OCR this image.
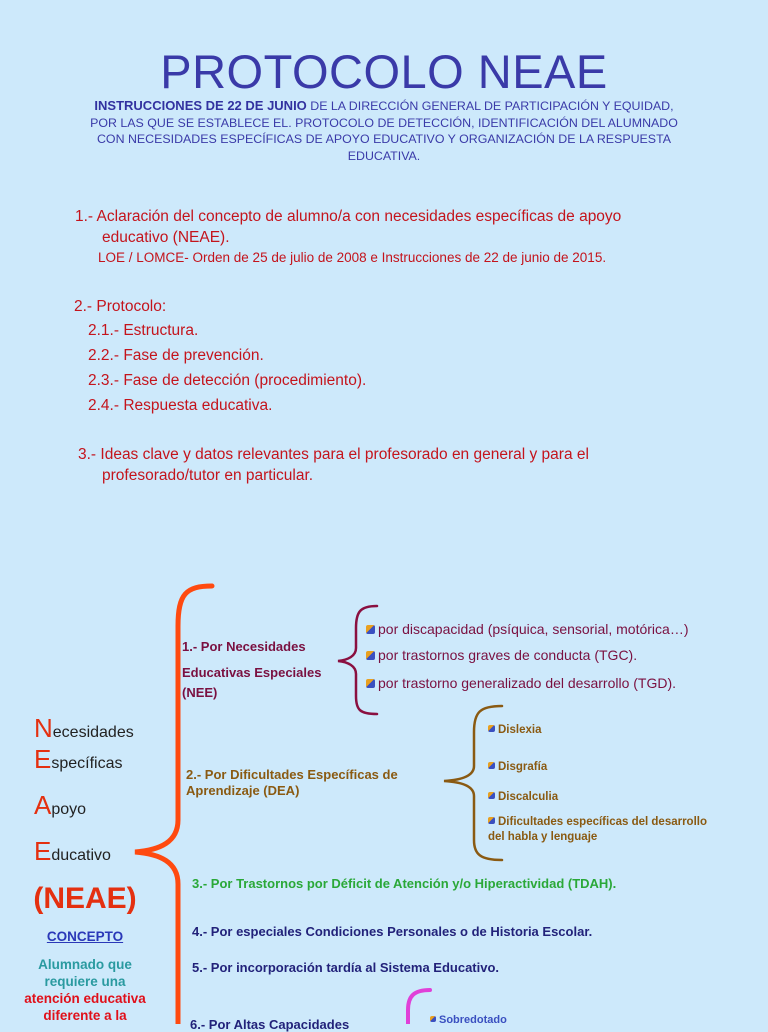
PROTOCOLO NEAE
INSTRUCCIONES DE 22 DE JUNIO DE LA DIRECCIÓN GENERAL DE PARTICIPACIÓN Y EQUIDAD, POR LAS QUE SE ESTABLECE EL. PROTOCOLO DE DETECCIÓN, IDENTIFICACIÓN DEL ALUMNADO CON NECESIDADES ESPECÍFICAS DE APOYO EDUCATIVO Y ORGANIZACIÓN DE LA RESPUESTA EDUCATIVA.
1.- Aclaración del concepto de alumno/a con necesidades específicas de apoyo
educativo (NEAE).
LOE / LOMCE- Orden de 25 de julio de 2008 e Instrucciones de 22 de junio de 2015.
2.- Protocolo:
2.1.- Estructura.
2.2.- Fase de prevención.
2.3.- Fase de detección (procedimiento).
2.4.- Respuesta educativa.
3.- Ideas clave y datos relevantes para el profesorado en general y para el
profesorado/tutor en particular.
Necesidades
Específicas
Apoyo
Educativo
(NEAE)
CONCEPTO
Alumnado que
requiere una
atención educativa
diferente a la
1.- Por Necesidades
Educativas Especiales
(NEE)
por discapacidad (psíquica, sensorial, motórica…)
por trastornos graves de conducta (TGC).
por trastorno generalizado del desarrollo (TGD).
2.- Por Dificultades Específicas de
Aprendizaje (DEA)
Dislexia
Disgrafía
Discalculia
Dificultades específicas del desarrollo
del habla y lenguaje
3.- Por Trastornos por Déficit de Atención y/o Hiperactividad (TDAH).
4.- Por especiales Condiciones Personales o de Historia Escolar.
5.- Por incorporación tardía al Sistema Educativo.
6.- Por Altas Capacidades	Sobredotado
